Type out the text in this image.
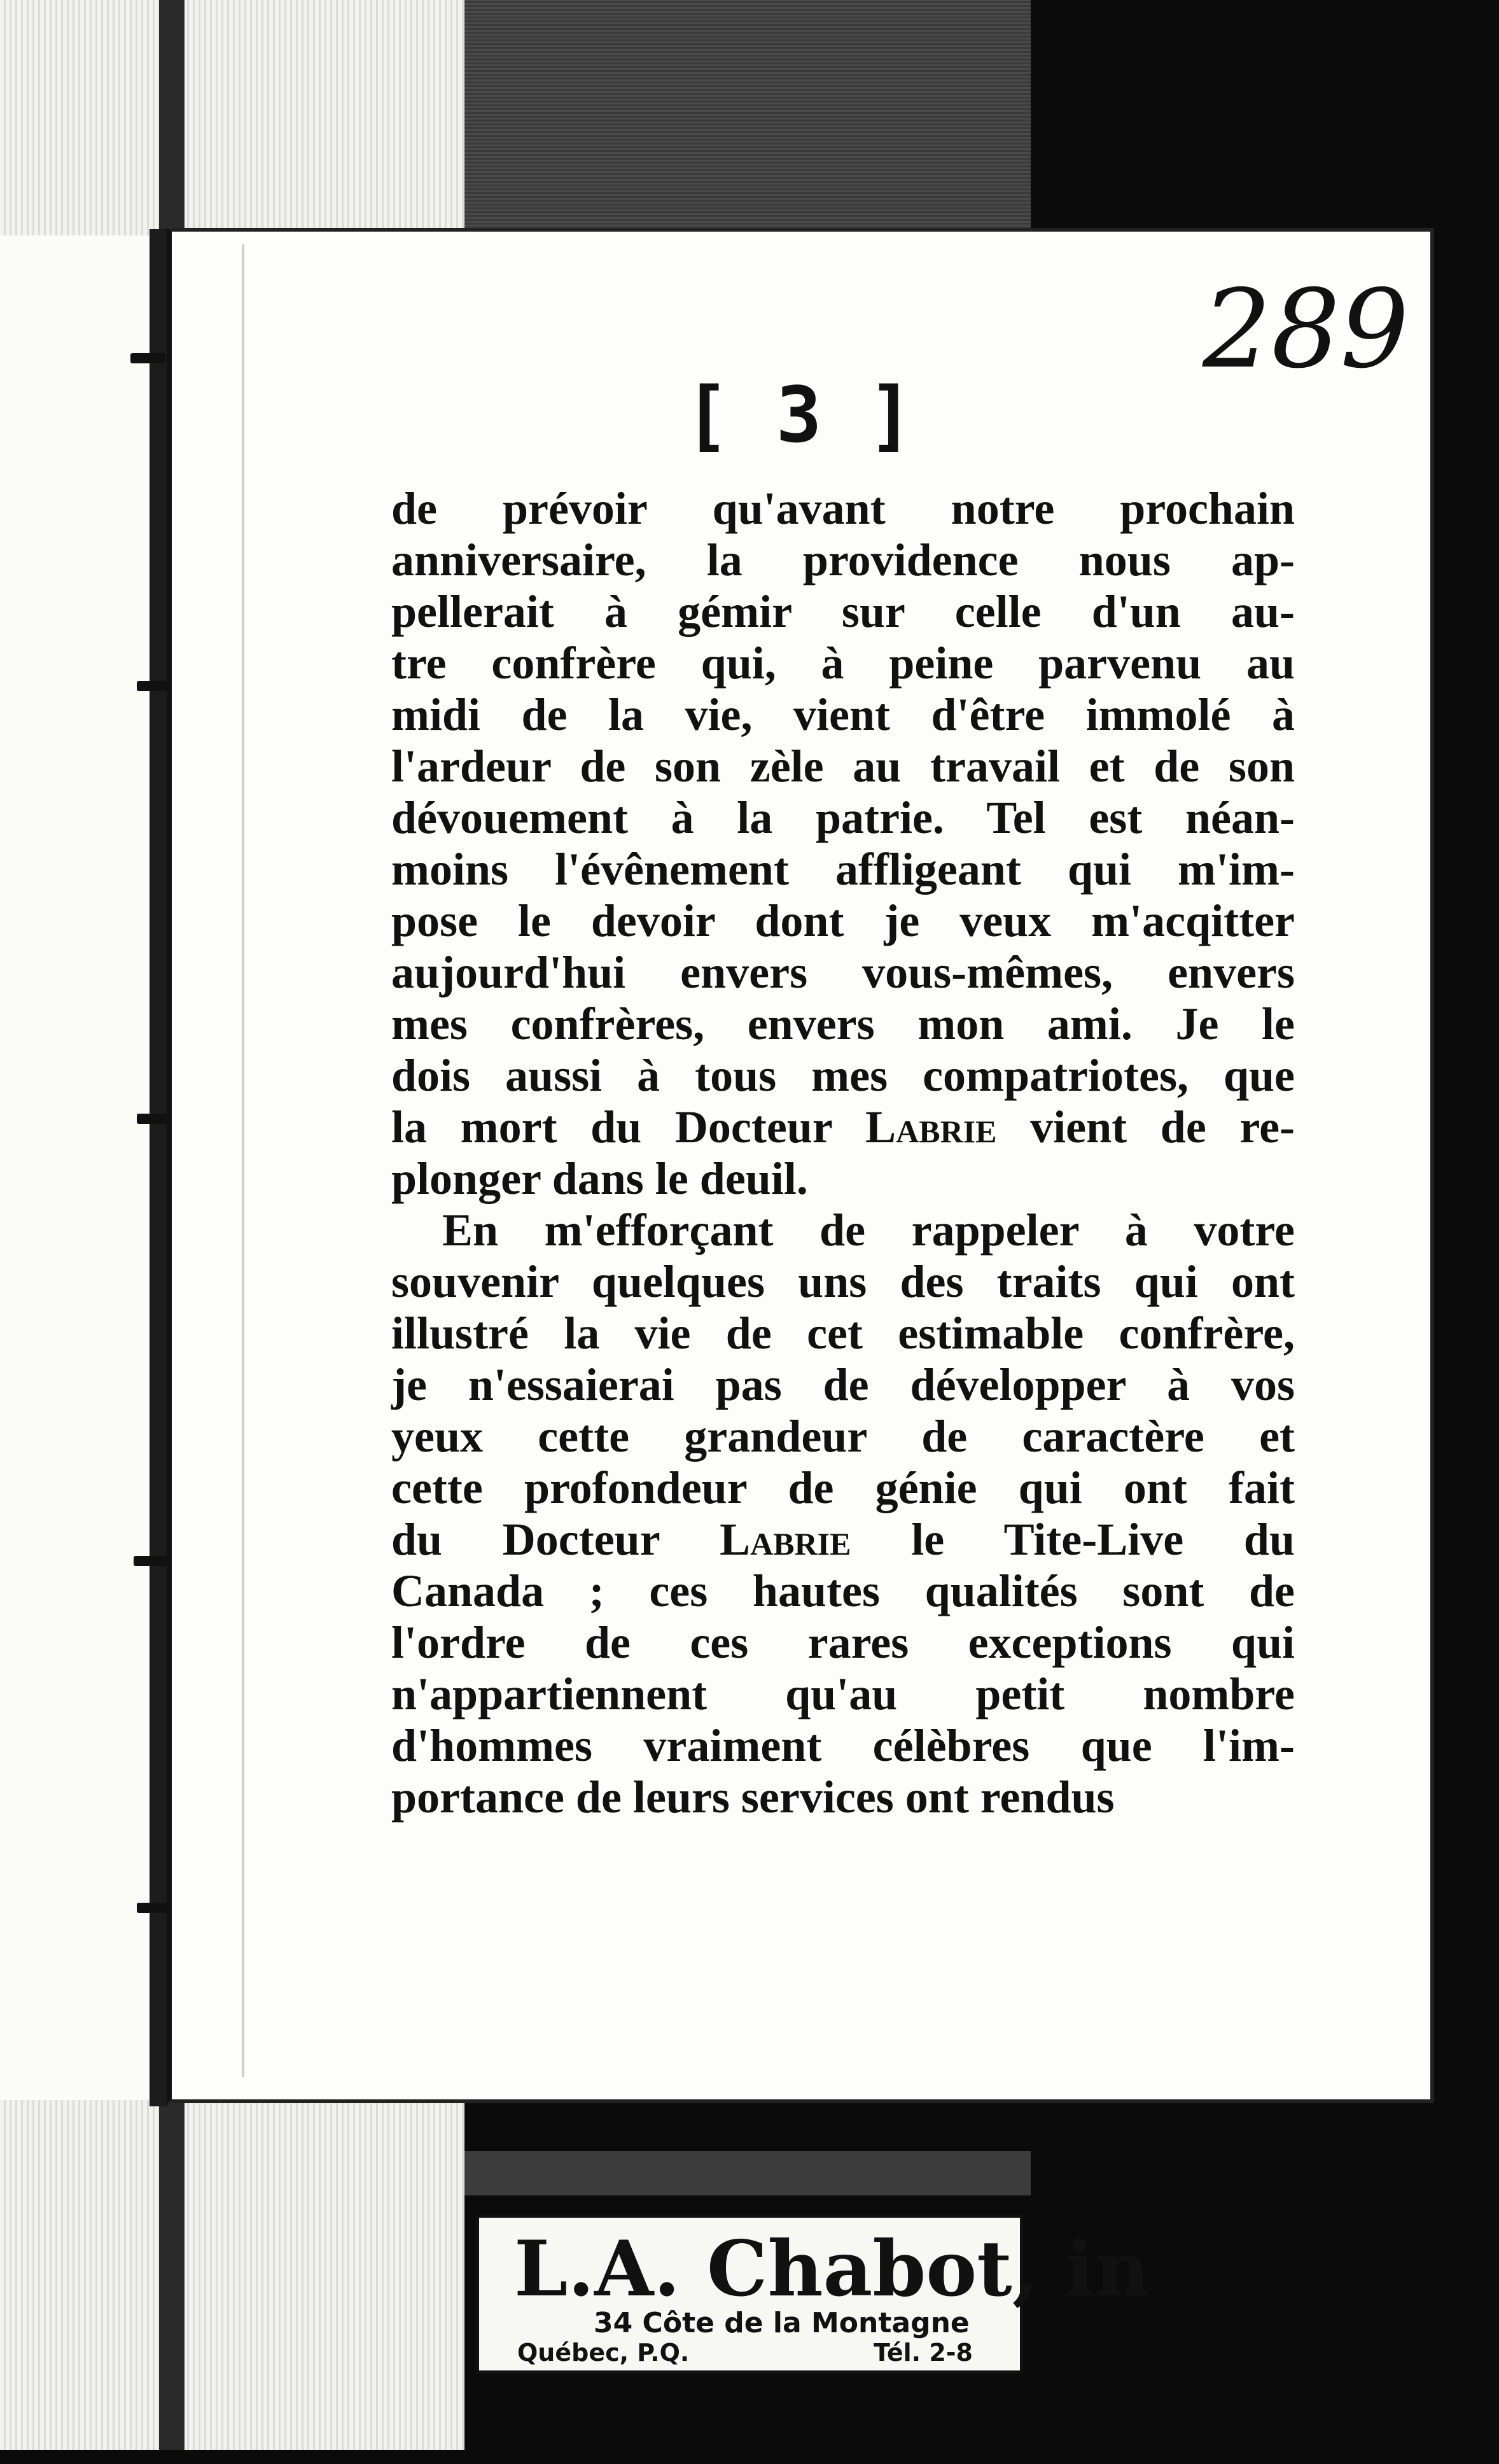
289
[ 3 ]
de prévoir qu'avant notre prochain
anniversaire, la providence nous ap-
pellerait à gémir sur celle d'un au-
tre confrère qui, à peine parvenu au
midi de la vie, vient d'être immolé à
l'ardeur de son zèle au travail et de son
dévouement à la patrie. Tel est néan-
moins l'évênement affligeant qui m'im-
pose le devoir dont je veux m'acqitter
aujourd'hui envers vous-mêmes, envers
mes confrères, envers mon ami. Je le
dois aussi à tous mes compatriotes, que
la mort du Docteur Labrie vient de re-
plonger dans le deuil.
En m'efforçant de rappeler à votre
souvenir quelques uns des traits qui ont
illustré la vie de cet estimable confrère,
je n'essaierai pas de développer à vos
yeux cette grandeur de caractère et
cette profondeur de génie qui ont fait
du Docteur Labrie le Tite-Live du
Canada ; ces hautes qualités sont de
l'ordre de ces rares exceptions qui
n'appartiennent qu'au petit nombre
d'hommes vraiment célèbres que l'im-
portance de leurs services ont rendus
L.A. Chabot, in
34 Côte de la Montagne
Québec, P.Q.	Tél. 2-8
